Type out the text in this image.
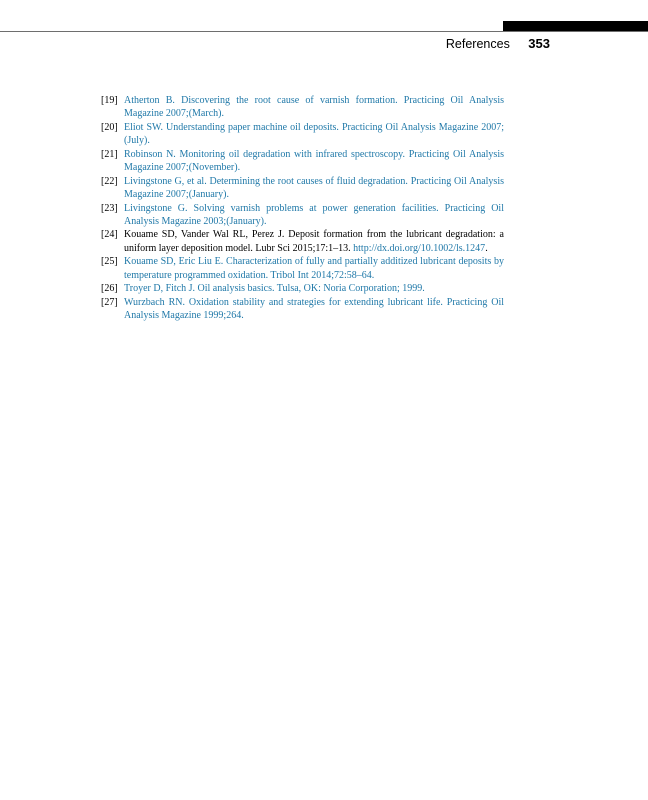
References 353
[19] Atherton B. Discovering the root cause of varnish formation. Practicing Oil Analysis Magazine 2007;(March).
[20] Eliot SW. Understanding paper machine oil deposits. Practicing Oil Analysis Magazine 2007;(July).
[21] Robinson N. Monitoring oil degradation with infrared spectroscopy. Practicing Oil Analysis Magazine 2007;(November).
[22] Livingstone G, et al. Determining the root causes of fluid degradation. Practicing Oil Analysis Magazine 2007;(January).
[23] Livingstone G. Solving varnish problems at power generation facilities. Practicing Oil Analysis Magazine 2003;(January).
[24] Kouame SD, Vander Wal RL, Perez J. Deposit formation from the lubricant degradation: a uniform layer deposition model. Lubr Sci 2015;17:1–13. http://dx.doi.org/10.1002/ls.1247.
[25] Kouame SD, Eric Liu E. Characterization of fully and partially additized lubricant deposits by temperature programmed oxidation. Tribol Int 2014;72:58–64.
[26] Troyer D, Fitch J. Oil analysis basics. Tulsa, OK: Noria Corporation; 1999.
[27] Wurzbach RN. Oxidation stability and strategies for extending lubricant life. Practicing Oil Analysis Magazine 1999;264.
